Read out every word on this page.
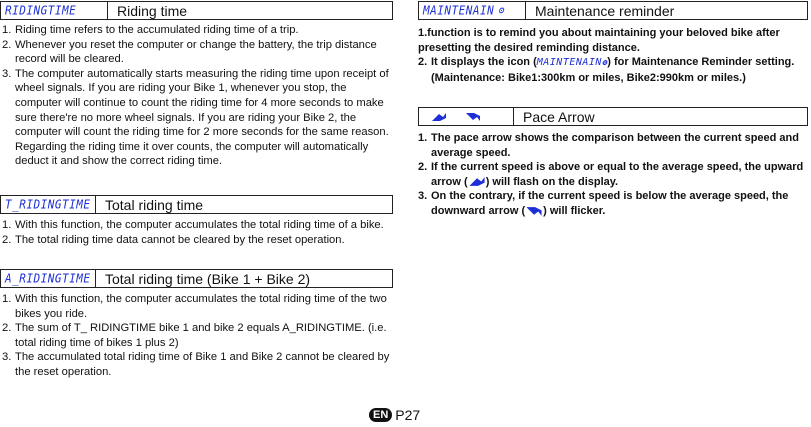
RIDINGTIME	Riding time
1. Riding time refers to the accumulated riding time of a trip.
2. Whenever you reset the computer or change the battery, the trip distance record will be cleared.
3. The computer automatically starts measuring the riding time upon receipt of wheel signals. If you are riding your Bike 1, whenever you stop, the computer will continue to count the riding time for 4 more seconds to make sure there're no more wheel signals. If you are riding your Bike 2, the computer will count the riding time for 2 more seconds for the same reason. Regarding the riding time it over counts, the computer will automatically deduct it and show the correct riding time.
T_RIDINGTIME	Total riding time
1. With this function, the computer accumulates the total riding time of a bike.
2. The total riding time data cannot be cleared by the reset operation.
A_RIDINGTIME	Total riding time (Bike 1 + Bike 2)
1. With this function, the computer accumulates the total riding time of the two bikes you ride.
2. The sum of T_ RIDINGTIME bike 1 and bike 2 equals A_RIDINGTIME. (i.e. total riding time of bikes 1 plus 2)
3. The accumulated total riding time of Bike 1 and Bike 2 cannot be cleared by the reset operation.
MAINTENAIN ⚙	Maintenance reminder
1.function is to remind you about maintaining your beloved bike after presetting the desired reminding distance.
2. It displays the icon (MAINTENAIN⚙) for Maintenance Reminder setting. (Maintenance: Bike1:300km or miles, Bike2:990km or miles.)
Pace Arrow
1. The pace arrow shows the comparison between the current speed and average speed.
2. If the current speed is above or equal to the average speed, the upward arrow ( ) will flash on the display.
3. On the contrary, if the current speed is below the average speed, the downward arrow ( ) will flicker.
EN P27
